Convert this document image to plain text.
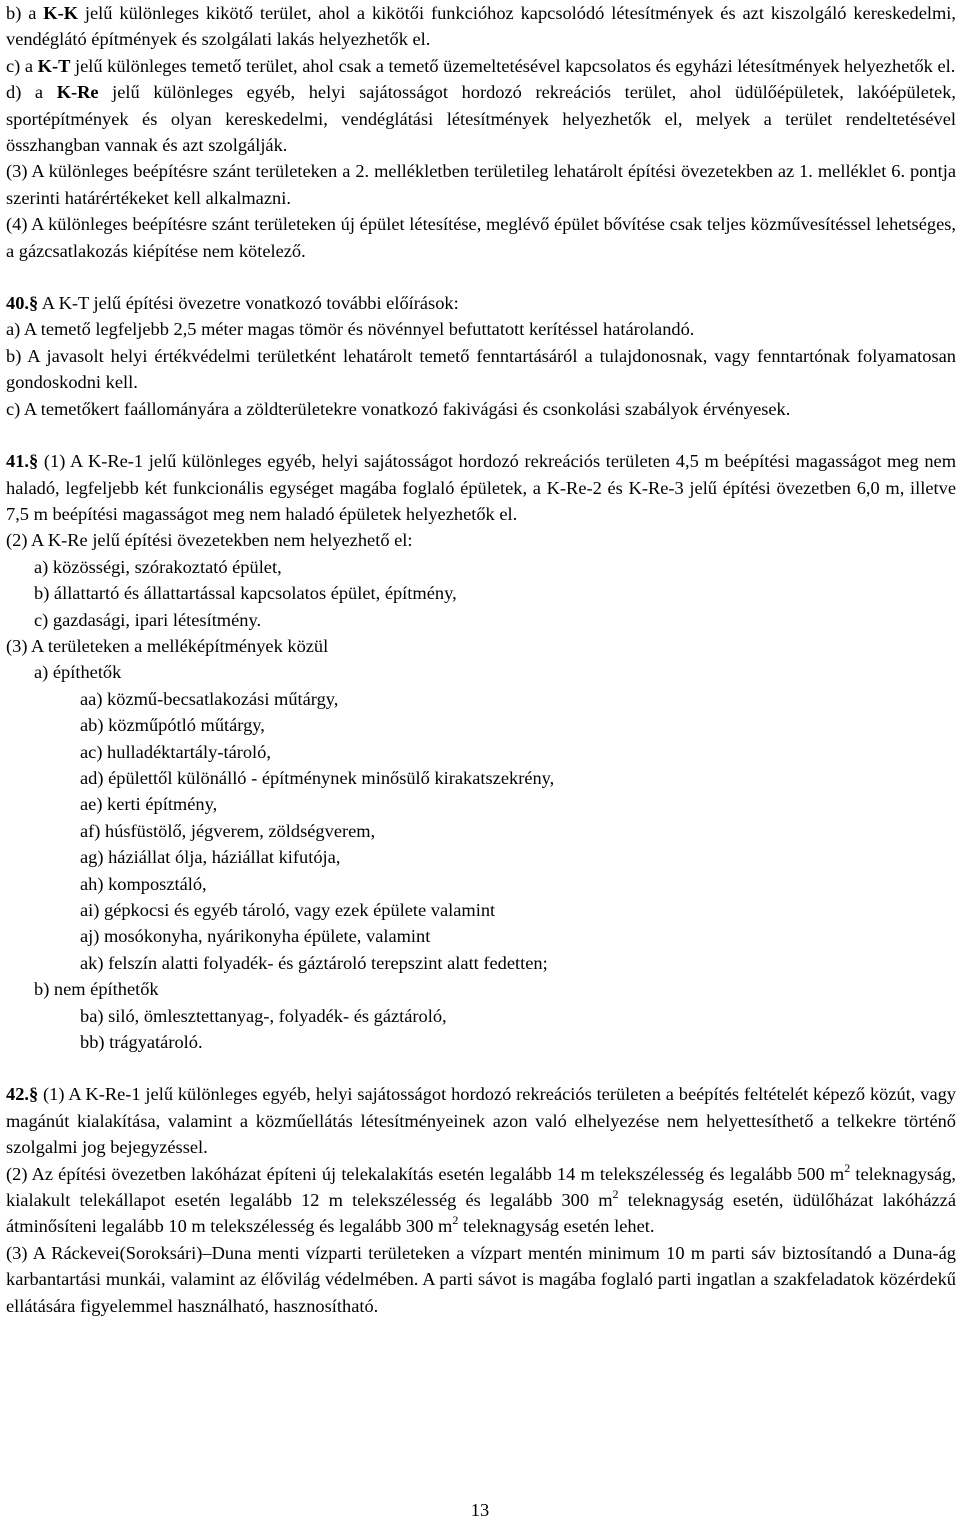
b) a K-K jelű különleges kikötő terület, ahol a kikötői funkcióhoz kapcsolódó létesítmények és azt kiszolgáló kereskedelmi, vendéglátó építmények és szolgálati lakás helyezhetők el.

c) a K-T jelű különleges temető terület, ahol csak a temető üzemeltetésével kapcsolatos és egyházi létesítmények helyezhetők el.

d) a K-Re jelű különleges egyéb, helyi sajátosságot hordozó rekreációs terület, ahol üdülőépületek, lakóépületek, sportépítmények és olyan kereskedelmi, vendéglátási létesítmények helyezhetők el, melyek a terület rendeltetésével összhangban vannak és azt szolgálják.

(3) A különleges beépítésre szánt területeken a 2. mellékletben területileg lehatárolt építési övezetekben az 1. melléklet 6. pontja szerinti határértékeket kell alkalmazni.

(4) A különleges beépítésre szánt területeken új épület létesítése, meglévő épület bővítése csak teljes közművesítéssel lehetséges, a gázcsatlakozás kiépítése nem kötelező.

40.§ A K-T jelű építési övezetre vonatkozó további előírások:

a) A temető legfeljebb 2,5 méter magas tömör és növénnyel befuttatott kerítéssel határolandó.

b) A javasolt helyi értékvédelmi területként lehatárolt temető fenntartásáról a tulajdonosnak, vagy fenntartónak folyamatosan gondoskodni kell.

c) A temetőkert faállományára a zöldterületekre vonatkozó fakivágási és csonkolási szabályok érvényesek.

41.§ (1) A K-Re-1 jelű különleges egyéb, helyi sajátosságot hordozó rekreációs területen 4,5 m beépítési magasságot meg nem haladó, legfeljebb két funkcionális egységet magába foglaló épületek, a K-Re-2 és K-Re-3 jelű építési övezetben 6,0 m, illetve 7,5 m beépítési magasságot meg nem haladó épületek helyezhetők el.

(2) A K-Re jelű építési övezetekben nem helyezhető el:

a) közösségi, szórakoztató épület,

b) állattartó és állattartással kapcsolatos épület, építmény,

c) gazdasági, ipari létesítmény.

(3) A területeken a melléképítmények közül

a) építhetők

aa) közmű-becsatlakozási műtárgy,

ab) közműpótló műtárgy,

ac) hulladéktartály-tároló,

ad) épülettől különálló - építménynek minősülő kirakatszekrény,

ae) kerti építmény,

af) húsfüstölő, jégverem, zöldségverem,

ag) háziállat ólja, háziállat kifutója,

ah) komposztáló,

ai) gépkocsi és egyéb tároló, vagy ezek épülete valamint

aj) mosókonyha, nyárikonyha épülete, valamint

ak) felszín alatti folyadék- és gáztároló terepszint alatt fedetten;

b) nem építhetők

ba) siló, ömlesztettanyag-, folyadék- és gáztároló,

bb) trágyatároló.

42.§ (1) A K-Re-1 jelű különleges egyéb, helyi sajátosságot hordozó rekreációs területen a beépítés feltételét képező közút, vagy magánút kialakítása, valamint a közműellátás létesítményeinek azon való elhelyezése nem helyettesíthető a telkekre történő szolgalmi jog bejegyzéssel.

(2) Az építési övezetben lakóházat építeni új telekalakítás esetén legalább 14 m telekszélesség és legalább 500 $m^2$ teleknagyság, kialakult telekállapot esetén legalább 12 m telekszélesség és legalább 300 $m^2$ teleknagyság esetén, üdülőházat lakóházzá átminősíteni legalább 10 m telekszélesség és legalább 300 $m^2$ teleknagyság esetén lehet.

(3) A Ráckevei(Soroksári)–Duna menti vízparti területeken a vízpart mentén minimum 10 m parti sáv biztosítandó a Duna-ág karbantartási munkái, valamint az élővilág védelmében. A parti sávot is magába foglaló parti ingatlan a szakfeladatok közérdekű ellátására figyelemmel használható, hasznosítható.

13
